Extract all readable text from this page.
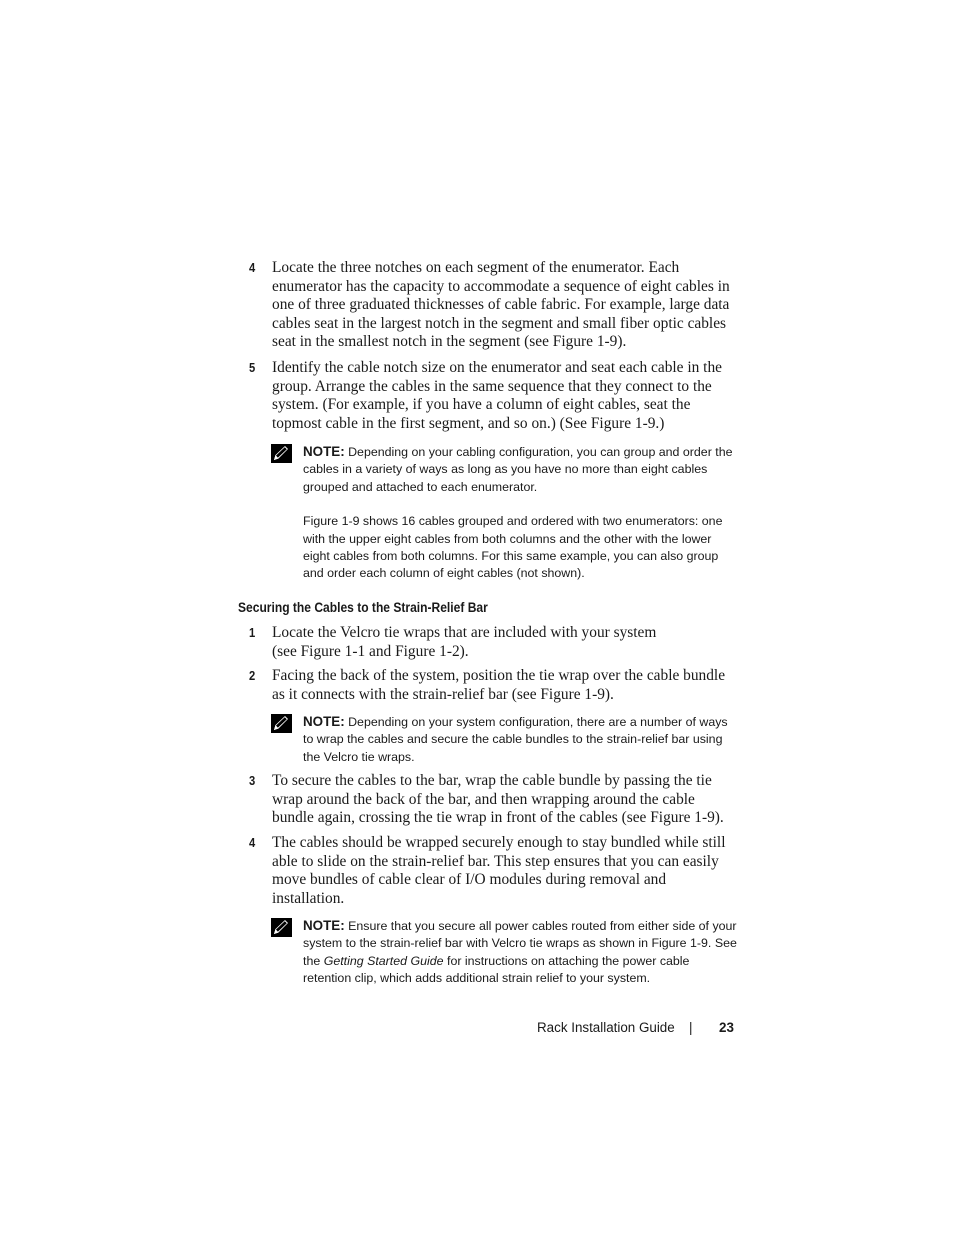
4 Locate the three notches on each segment of the enumerator. Each enumerator has the capacity to accommodate a sequence of eight cables in one of three graduated thicknesses of cable fabric. For example, large data cables seat in the largest notch in the segment and small fiber optic cables seat in the smallest notch in the segment (see Figure 1-9).
5 Identify the cable notch size on the enumerator and seat each cable in the group. Arrange the cables in the same sequence that they connect to the system. (For example, if you have a column of eight cables, seat the topmost cable in the first segment, and so on.) (See Figure 1-9.)

NOTE: Depending on your cabling configuration, you can group and order the cables in a variety of ways as long as you have no more than eight cables grouped and attached to each enumerator.

Figure 1-9 shows 16 cables grouped and ordered with two enumerators: one with the upper eight cables from both columns and the other with the lower eight cables from both columns. For this same example, you can also group and order each column of eight cables (not shown).

Securing the Cables to the Strain-Relief Bar
1 Locate the Velcro tie wraps that are included with your system (see Figure 1-1 and Figure 1-2).
2 Facing the back of the system, position the tie wrap over the cable bundle as it connects with the strain-relief bar (see Figure 1-9).

NOTE: Depending on your system configuration, there are a number of ways to wrap the cables and secure the cable bundles to the strain-relief bar using the Velcro tie wraps.

3 To secure the cables to the bar, wrap the cable bundle by passing the tie wrap around the back of the bar, and then wrapping around the cable bundle again, crossing the tie wrap in front of the cables (see Figure 1-9).
4 The cables should be wrapped securely enough to stay bundled while still able to slide on the strain-relief bar. This step ensures that you can easily move bundles of cable clear of I/O modules during removal and installation.

NOTE: Ensure that you secure all power cables routed from either side of your system to the strain-relief bar with Velcro tie wraps as shown in Figure 1-9. See the Getting Started Guide for instructions on attaching the power cable retention clip, which adds additional strain relief to your system.

Rack Installation Guide | 23
